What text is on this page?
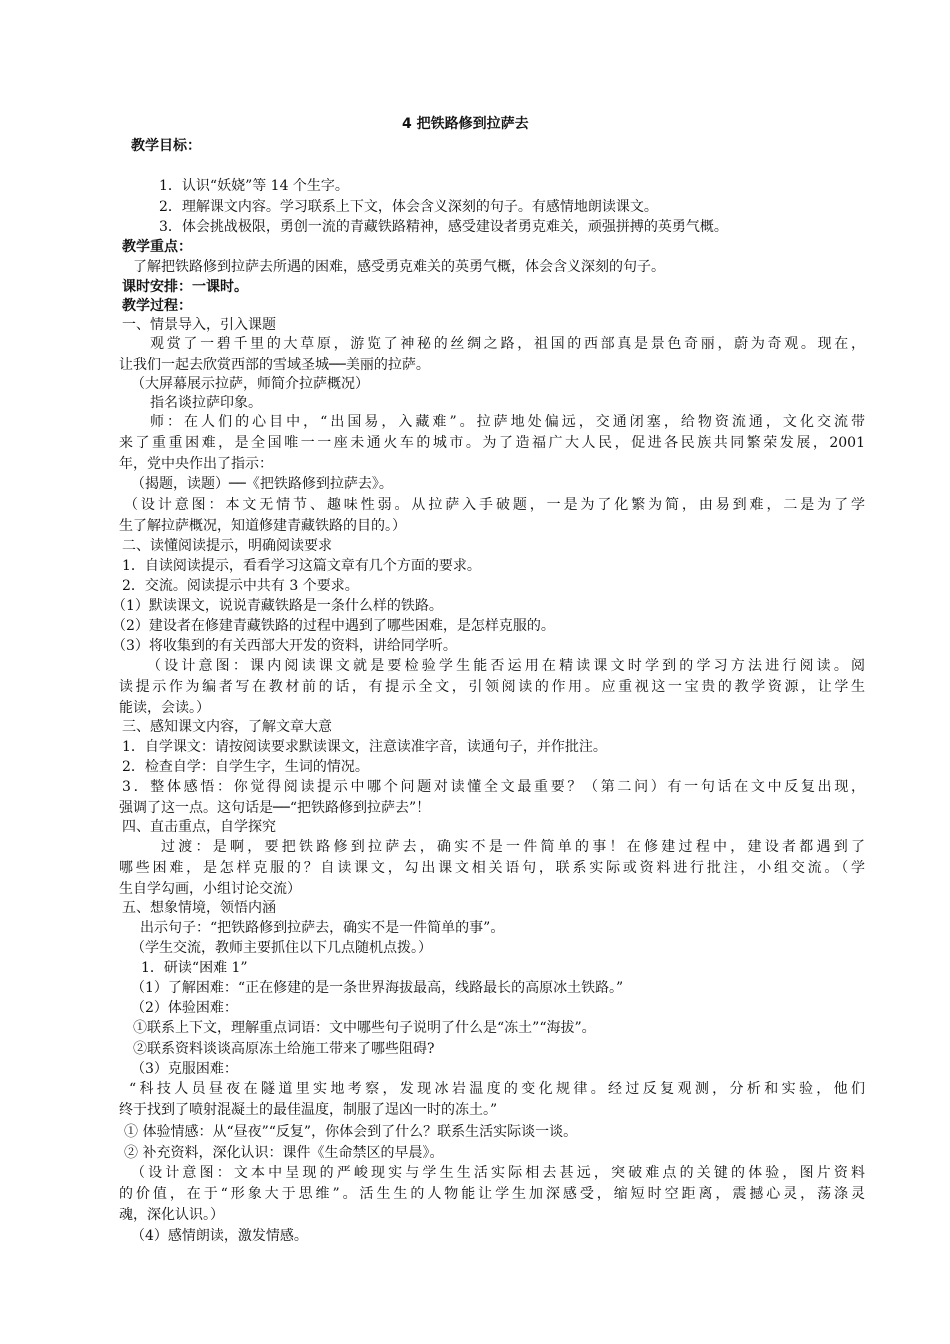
4 把铁路修到拉萨去
教学目标：
1．认识“妖娆”等 14 个生字。
2．理解课文内容。学习联系上下文，体会含义深刻的句子。有感情地朗读课文。
3．体会挑战极限，勇创一流的青藏铁路精神，感受建设者勇克难关，顽强拼搏的英勇气概。
教学重点：
了解把铁路修到拉萨去所遇的困难，感受勇克难关的英勇气概，体会含义深刻的句子。
课时安排：一课时。
教学过程：
一、情景导入，引入课题
观赏了一碧千里的大草原，游览了神秘的丝绸之路，祖国的西部真是景色奇丽，蔚为奇观。现在，
让我们一起去欣赏西部的雪域圣城──美丽的拉萨。
（大屏幕展示拉萨，师简介拉萨概况）
指名谈拉萨印象。
师：在人们的心目中，“出国易，入藏难”。拉萨地处偏远，交通闭塞，给物资流通，文化交流带
来了重重困难，是全国唯一一座未通火车的城市。为了造福广大人民，促进各民族共同繁荣发展，2001
年，党中央作出了指示：
（揭题，读题）──《把铁路修到拉萨去》。
（设计意图：本文无情节、趣味性弱。从拉萨入手破题，一是为了化繁为简，由易到难，二是为了学
生了解拉萨概况，知道修建青藏铁路的目的。）
二、读懂阅读提示，明确阅读要求
1．自读阅读提示，看看学习这篇文章有几个方面的要求。
2．交流。阅读提示中共有 3 个要求。
（1）默读课文，说说青藏铁路是一条什么样的铁路。
（2）建设者在修建青藏铁路的过程中遇到了哪些困难，是怎样克服的。
（3）将收集到的有关西部大开发的资料，讲给同学听。
（设计意图：课内阅读课文就是要检验学生能否运用在精读课文时学到的学习方法进行阅读。阅
读提示作为编者写在教材前的话，有提示全文，引领阅读的作用。应重视这一宝贵的教学资源，让学生
能读，会读。）
三、感知课文内容，了解文章大意
1．自学课文：请按阅读要求默读课文，注意读准字音，读通句子，并作批注。
2．检查自学：自学生字，生词的情况。
3．整体感悟：你觉得阅读提示中哪个问题对读懂全文最重要？（第二问）有一句话在文中反复出现，
强调了这一点。这句话是──“把铁路修到拉萨去”！
四、直击重点，自学探究
过渡：是啊，要把铁路修到拉萨去，确实不是一件简单的事！在修建过程中，建设者都遇到了
哪些困难，是怎样克服的？自读课文，勾出课文相关语句，联系实际或资料进行批注，小组交流。（学
生自学勾画，小组讨论交流）
五、想象情境，领悟内涵
出示句子：“把铁路修到拉萨去，确实不是一件简单的事”。
（学生交流，教师主要抓住以下几点随机点拨。）
1．研读“困难 1”
（1）了解困难：“正在修建的是一条世界海拔最高，线路最长的高原冰土铁路。”
（2）体验困难：
①联系上下文，理解重点词语：文中哪些句子说明了什么是“冻土”“海拔”。
②联系资料谈谈高原冻土给施工带来了哪些阻碍?
（3）克服困难：
“科技人员昼夜在隧道里实地考察，发现冰岩温度的变化规律。经过反复观测，分析和实验，他们
终于找到了喷射混凝土的最佳温度，制服了逞凶一时的冻土。”
① 体验情感：从“昼夜”“反复”，你体会到了什么？联系生活实际谈一谈。
② 补充资料，深化认识：课件《生命禁区的早晨》。
（设计意图：文本中呈现的严峻现实与学生生活实际相去甚远，突破难点的关键的体验，图片资料
的价值，在于“形象大于思维”。活生生的人物能让学生加深感受，缩短时空距离，震撼心灵，荡涤灵
魂，深化认识。）
（4）感情朗读，激发情感。
